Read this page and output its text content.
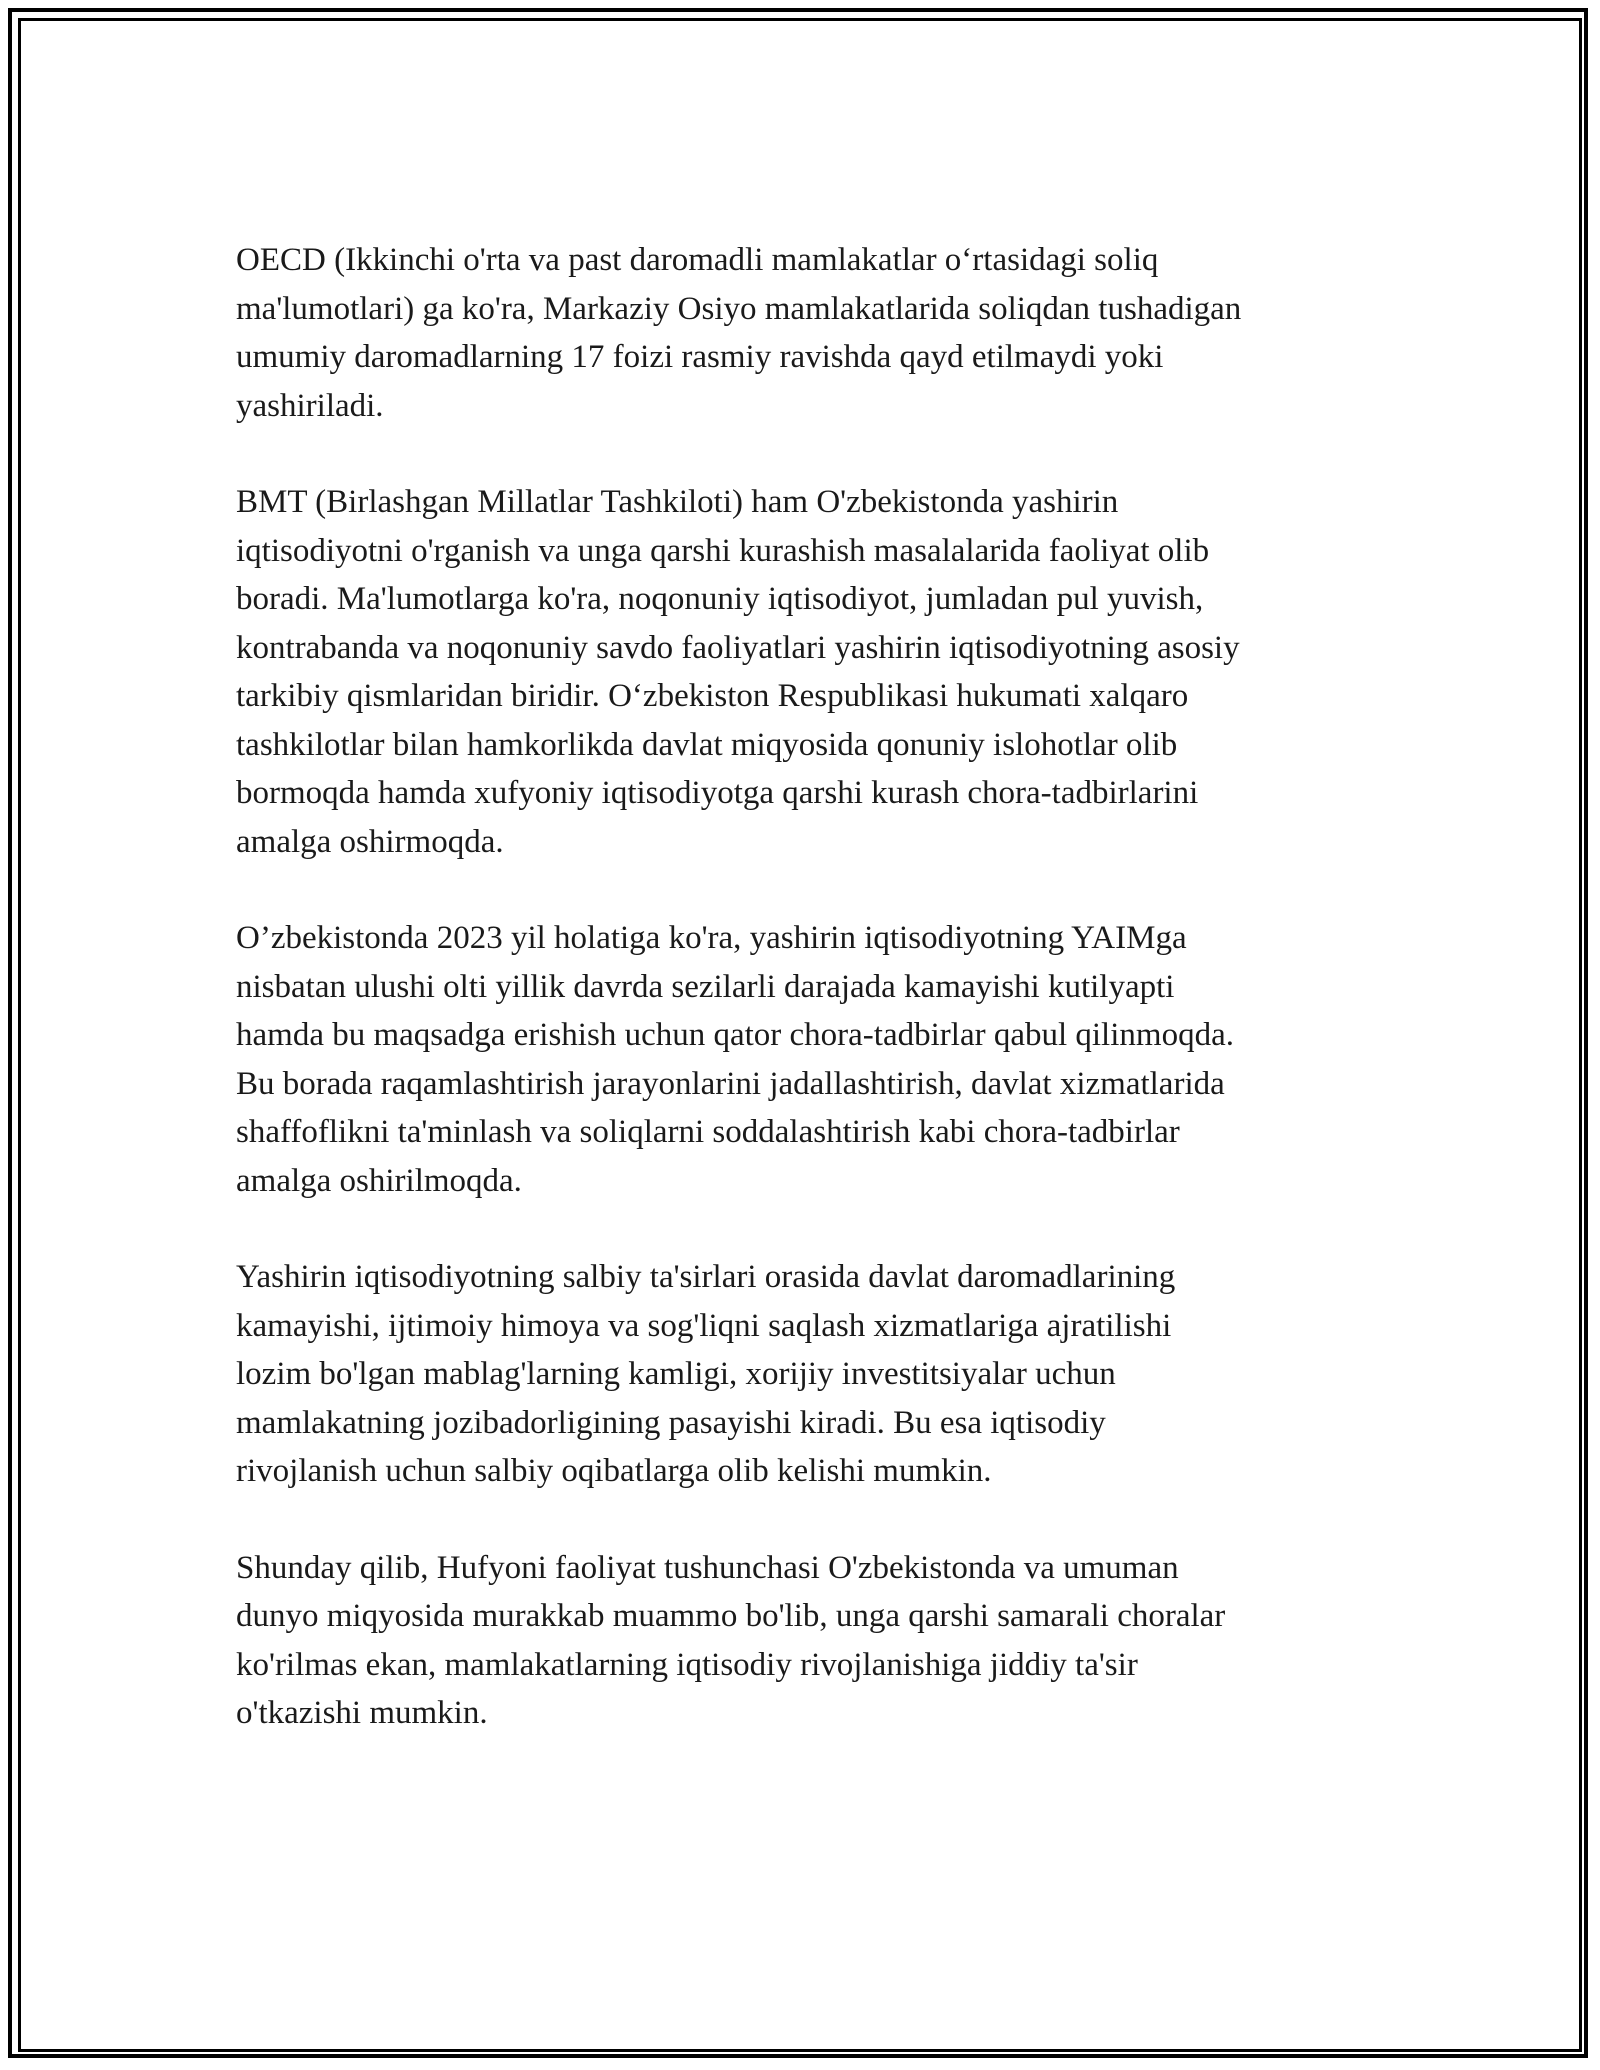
OECD (Ikkinchi o'rta va past daromadli mamlakatlar o‘rtasidagi soliq
ma'lumotlari) ga ko'ra, Markaziy Osiyo mamlakatlarida soliqdan tushadigan
umumiy daromadlarning 17 foizi rasmiy ravishda qayd etilmaydi yoki
yashiriladi.

BMT (Birlashgan Millatlar Tashkiloti) ham O'zbekistonda yashirin
iqtisodiyotni o'rganish va unga qarshi kurashish masalalarida faoliyat olib
boradi. Ma'lumotlarga ko'ra, noqonuniy iqtisodiyot, jumladan pul yuvish,
kontrabanda va noqonuniy savdo faoliyatlari yashirin iqtisodiyotning asosiy
tarkibiy qismlaridan biridir. O‘zbekiston Respublikasi hukumati xalqaro
tashkilotlar bilan hamkorlikda davlat miqyosida qonuniy islohotlar olib
bormoqda hamda xufyoniy iqtisodiyotga qarshi kurash chora-tadbirlarini
amalga oshirmoqda.

O’zbekistonda 2023 yil holatiga ko'ra, yashirin iqtisodiyotning YAIMga
nisbatan ulushi olti yillik davrda sezilarli darajada kamayishi kutilyapti
hamda bu maqsadga erishish uchun qator chora-tadbirlar qabul qilinmoqda.
Bu borada raqamlashtirish jarayonlarini jadallashtirish, davlat xizmatlarida
shaffoflikni ta'minlash va soliqlarni soddalashtirish kabi chora-tadbirlar
amalga oshirilmoqda.

Yashirin iqtisodiyotning salbiy ta'sirlari orasida davlat daromadlarining
kamayishi, ijtimoiy himoya va sog'liqni saqlash xizmatlariga ajratilishi
lozim bo'lgan mablag'larning kamligi, xorijiy investitsiyalar uchun
mamlakatning jozibadorligining pasayishi kiradi. Bu esa iqtisodiy
rivojlanish uchun salbiy oqibatlarga olib kelishi mumkin.

Shunday qilib, Hufyoni faoliyat tushunchasi O'zbekistonda va umuman
dunyo miqyosida murakkab muammo bo'lib, unga qarshi samarali choralar
ko'rilmas ekan, mamlakatlarning iqtisodiy rivojlanishiga jiddiy ta'sir
o'tkazishi mumkin.
